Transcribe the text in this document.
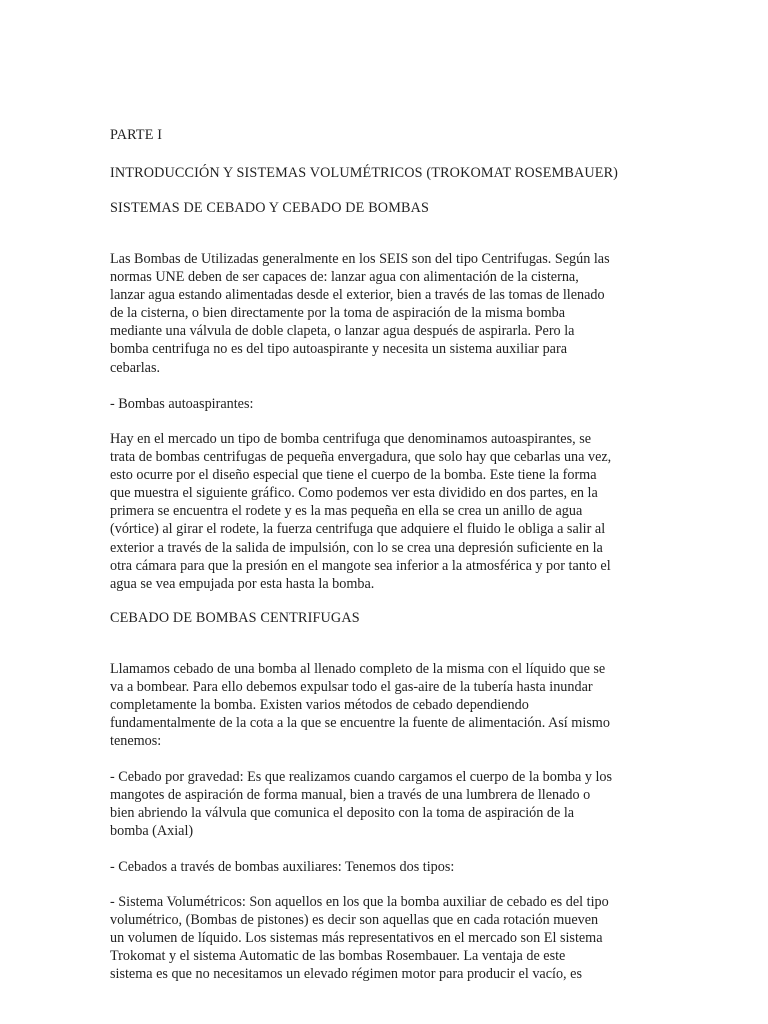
PARTE I

INTRODUCCIÓN Y SISTEMAS VOLUMÉTRICOS (TROKOMAT ROSEMBAUER)

SISTEMAS DE CEBADO Y CEBADO DE BOMBAS

Las Bombas de Utilizadas generalmente en los SEIS son del tipo Centrifugas. Según las
normas UNE deben de ser capaces de: lanzar agua con alimentación de la cisterna,
lanzar agua estando alimentadas desde el exterior, bien a través de las tomas de llenado
de la cisterna, o bien directamente por la toma de aspiración de la misma bomba
mediante una válvula de doble clapeta, o lanzar agua después de aspirarla. Pero la
bomba centrifuga no es del tipo autoaspirante y necesita un sistema auxiliar para
cebarlas.

- Bombas autoaspirantes:

Hay en el mercado un tipo de bomba centrifuga que denominamos autoaspirantes, se
trata de bombas centrifugas de pequeña envergadura, que solo hay que cebarlas una vez,
esto ocurre por el diseño especial que tiene el cuerpo de la bomba. Este tiene la forma
que muestra el siguiente gráfico. Como podemos ver esta dividido en dos partes, en la
primera se encuentra el rodete y es la mas pequeña en ella se crea un anillo de agua
(vórtice) al girar el rodete, la fuerza centrifuga que adquiere el fluido le obliga a salir al
exterior a través de la salida de impulsión, con lo se crea una depresión suficiente en la
otra cámara para que la presión en el mangote sea inferior a la atmosférica y por tanto el
agua se vea empujada por esta hasta la bomba.

CEBADO DE BOMBAS CENTRIFUGAS

Llamamos cebado de una bomba al llenado completo de la misma con el líquido que se
va a bombear. Para ello debemos expulsar todo el gas-aire de la tubería hasta inundar
completamente la bomba. Existen varios métodos de cebado dependiendo
fundamentalmente de la cota a la que se encuentre la fuente de alimentación. Así mismo
tenemos:

- Cebado por gravedad: Es que realizamos cuando cargamos el cuerpo de la bomba y los
mangotes de aspiración de forma manual, bien a través de una lumbrera de llenado o
bien abriendo la válvula que comunica el deposito con la toma de aspiración de la
bomba (Axial)

- Cebados a través de bombas auxiliares: Tenemos dos tipos:

- Sistema Volumétricos: Son aquellos en los que la bomba auxiliar de cebado es del tipo
volumétrico, (Bombas de pistones) es decir son aquellas que en cada rotación mueven
un volumen de líquido. Los sistemas más representativos en el mercado son El sistema
Trokomat y el sistema Automatic de las bombas Rosembauer. La ventaja de este
sistema es que no necesitamos un elevado régimen motor para producir el vacío, es
